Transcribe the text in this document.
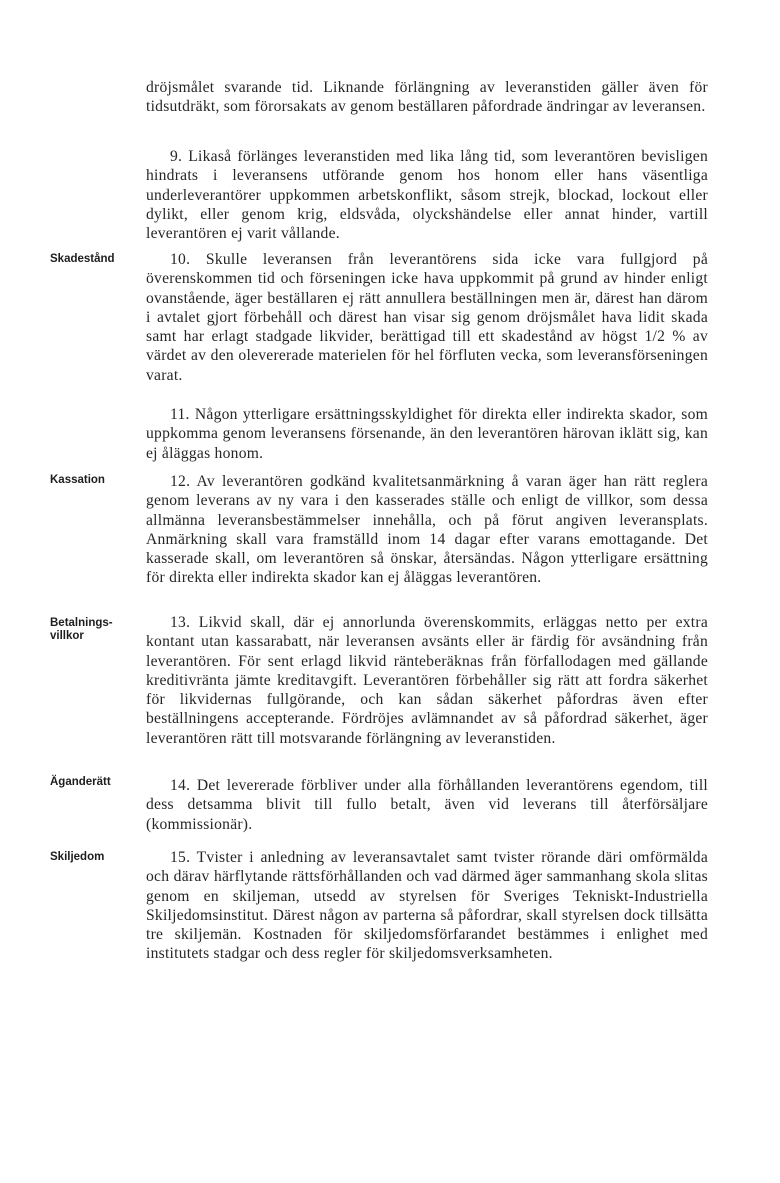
Skadestånd

Kassation

Betalnings-
villkor

Äganderätt

Skiljedom

dröjsmålet svarande tid. Liknande förlängning av leveranstiden gäller även för tidsutdräkt, som förorsakats av genom beställaren påfordrade ändringar av leveransen.

9. Likaså förlänges leveranstiden med lika lång tid, som leverantören bevisligen hindrats i leveransens utförande genom hos honom eller hans väsentliga underleverantörer uppkommen arbetskonflikt, såsom strejk, blockad, lockout eller dylikt, eller genom krig, eldsvåda, olyckshändelse eller annat hinder, vartill leverantören ej varit vållande.

10. Skulle leveransen från leverantörens sida icke vara fullgjord på överenskommen tid och förseningen icke hava uppkommit på grund av hinder enligt ovanstående, äger beställaren ej rätt annullera beställningen men är, därest han därom i avtalet gjort förbehåll och därest han visar sig genom dröjsmålet hava lidit skada samt har erlagt stadgade likvider, berättigad till ett skadestånd av högst 1/2 % av värdet av den olevererade materielen för hel förfluten vecka, som leveransförseningen varat.

11. Någon ytterligare ersättningsskyldighet för direkta eller indirekta skador, som uppkomma genom leveransens försenande, än den leverantören härovan iklätt sig, kan ej åläggas honom.

12. Av leverantören godkänd kvalitetsanmärkning å varan äger han rätt reglera genom leverans av ny vara i den kasserades ställe och enligt de villkor, som dessa allmänna leveransbestämmelser innehålla, och på förut angiven leveransplats. Anmärkning skall vara framställd inom 14 dagar efter varans emottagande. Det kasserade skall, om leverantören så önskar, återsändas. Någon ytterligare ersättning för direkta eller indirekta skador kan ej åläggas leverantören.

13. Likvid skall, där ej annorlunda överenskommits, erläggas netto per extra kontant utan kassarabatt, när leveransen avsänts eller är färdig för avsändning från leverantören. För sent erlagd likvid ränteberäknas från förfallodagen med gällande kreditivränta jämte kreditavgift. Leverantören förbehåller sig rätt att fordra säkerhet för likvidernas fullgörande, och kan sådan säkerhet påfordras även efter beställningens accepterande. Fördröjes avlämnandet av så påfordrad säkerhet, äger leverantören rätt till motsvarande förlängning av leveranstiden.

14. Det levererade förbliver under alla förhållanden leverantörens egendom, till dess detsamma blivit till fullo betalt, även vid leverans till återförsäljare (kommissionär).

15. Tvister i anledning av leveransavtalet samt tvister rörande däri omförmälda och därav härflytande rättsförhållanden och vad därmed äger sammanhang skola slitas genom en skiljeman, utsedd av styrelsen för Sveriges Tekniskt-Industriella Skiljedomsinstitut. Därest någon av parterna så påfordrar, skall styrelsen dock tillsätta tre skiljemän. Kostnaden för skiljedomsförfarandet bestämmes i enlighet med institutets stadgar och dess regler för skiljedomsverksamheten.
